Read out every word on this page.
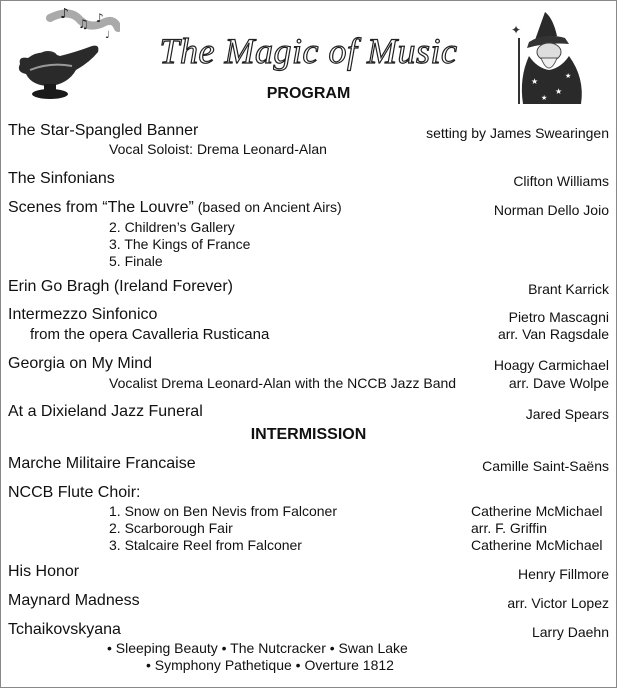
♪
♫ ♪
♩
★
★
★
★
✦
The Magic of Music
PROGRAM
The Star-Spangled Banner	setting by James Swearingen
Vocal Soloist: Drema Leonard-Alan
The Sinfonians	Clifton Williams
Scenes from “The Louvre” (based on Ancient Airs)	Norman Dello Joio
2. Children’s Gallery
3. The Kings of France
5. Finale
Erin Go Bragh (Ireland Forever)	Brant Karrick
Intermezzo Sinfonico	Pietro Mascagni
from the opera Cavalleria Rusticana	arr. Van Ragsdale
Georgia on My Mind	Hoagy Carmichael
Vocalist Drema Leonard-Alan with the NCCB Jazz Band	arr. Dave Wolpe
At a Dixieland Jazz Funeral	Jared Spears
INTERMISSION
Marche Militaire Francaise	Camille Saint-Saëns
NCCB Flute Choir:
1. Snow on Ben Nevis from Falconer	Catherine McMichael
2. Scarborough Fair	arr. F. Griffin
3. Stalcaire Reel from Falconer	Catherine McMichael
His Honor	Henry Fillmore
Maynard Madness	arr. Victor Lopez
Tchaikovskyana	Larry Daehn
• Sleeping Beauty • The Nutcracker • Swan Lake
• Symphony Pathetique • Overture 1812
